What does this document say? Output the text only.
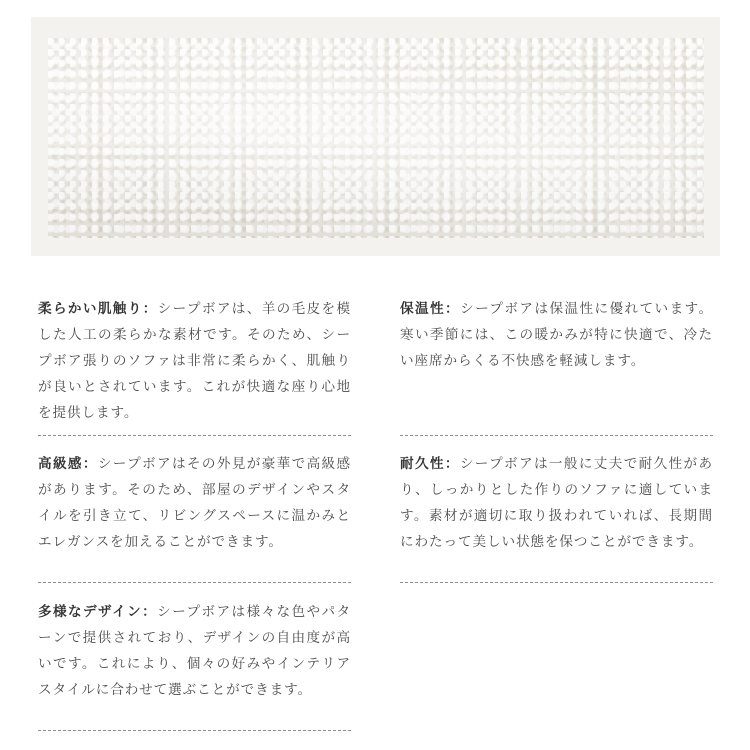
柔らかい肌触り：シープボアは、羊の毛皮を模した人工の柔らかな素材です。そのため、シープボア張りのソファは非常に柔らかく、肌触りが良いとされています。これが快適な座り心地を提供します。
高級感：シープボアはその外見が豪華で高級感があります。そのため、部屋のデザインやスタイルを引き立て、リビングスペースに温かみとエレガンスを加えることができます。
多様なデザイン：シープボアは様々な色やパターンで提供されており、デザインの自由度が高いです。これにより、個々の好みやインテリアスタイルに合わせて選ぶことができます。
保温性：シープボアは保温性に優れています。寒い季節には、この暖かみが特に快適で、冷たい座席からくる不快感を軽減します。
耐久性：シープボアは一般に丈夫で耐久性があり、しっかりとした作りのソファに適しています。素材が適切に取り扱われていれば、長期間にわたって美しい状態を保つことができます。
